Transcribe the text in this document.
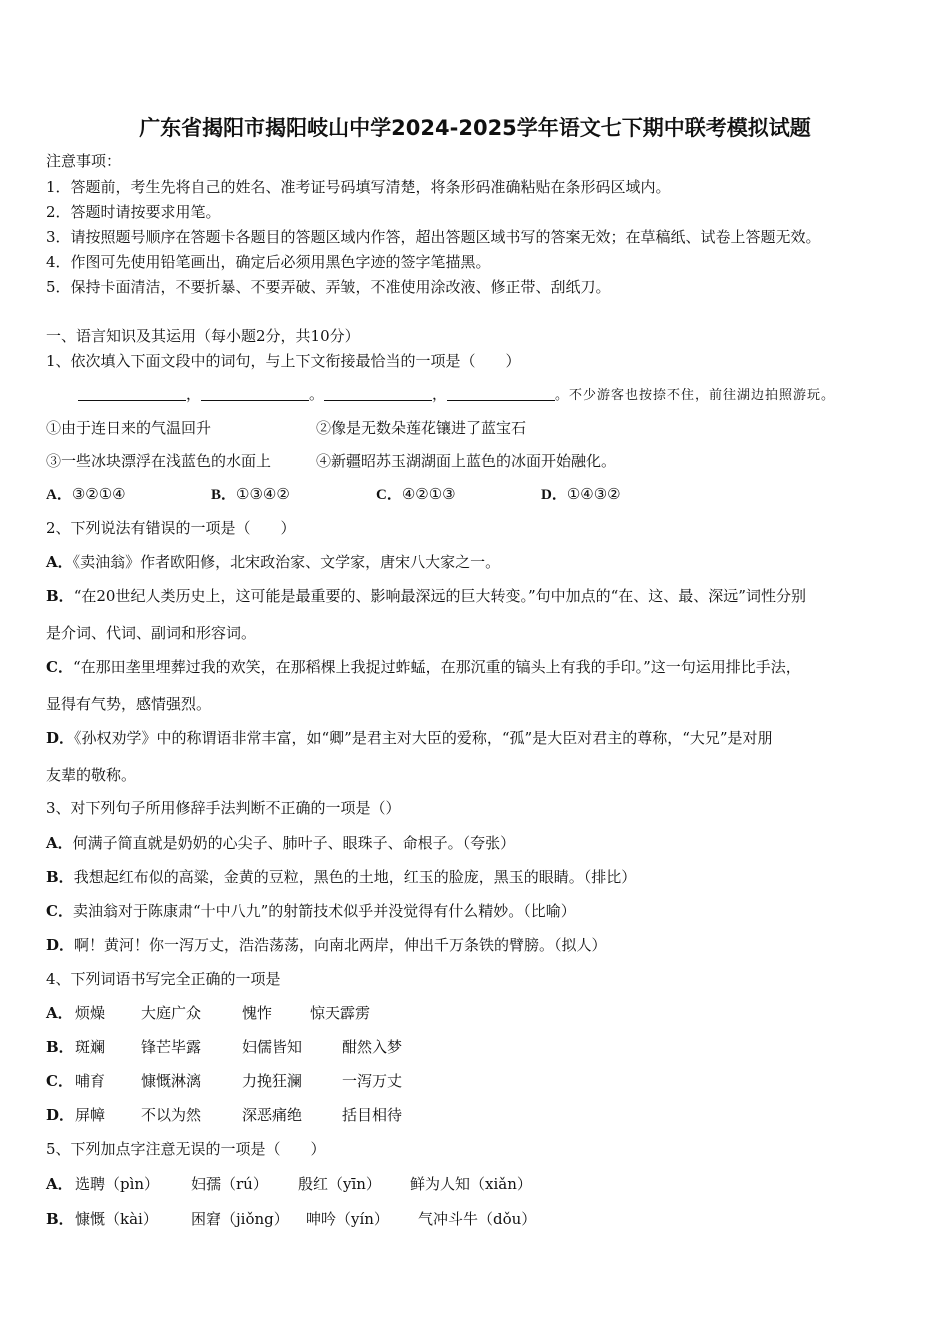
广东省揭阳市揭阳岐山中学2024-2025学年语文七下期中联考模拟试题
注意事项：
1．答题前，考生先将自己的姓名、准考证号码填写清楚，将条形码准确粘贴在条形码区域内。
2．答题时请按要求用笔。
3．请按照题号顺序在答题卡各题目的答题区域内作答，超出答题区域书写的答案无效；在草稿纸、试卷上答题无效。
4．作图可先使用铅笔画出，确定后必须用黑色字迹的签字笔描黑。
5．保持卡面清洁，不要折暴、不要弄破、弄皱，不准使用涂改液、修正带、刮纸刀。
一、语言知识及其运用（每小题2分，共10分）
1、依次填入下面文段中的词句，与上下文衔接最恰当的一项是（　　）
，	。	，	。不少游客也按捺不住，前往湖边拍照游玩。
①由于连日来的气温回升	②像是无数朵莲花镶进了蓝宝石
③一些冰块漂浮在浅蓝色的水面上	④新疆昭苏玉湖湖面上蓝色的冰面开始融化。
A．③②①④	B．①③④②	C．④②①③	D．①④③②
2、下列说法有错误的一项是（　　）
A．《卖油翁》作者欧阳修，北宋政治家、文学家，唐宋八大家之一。
B．“在20世纪人类历史上，这可能是最重要的、影响最深远的巨大转变。”句中加点的“在、这、最、深远”词性分别
是介词、代词、副词和形容词。
C．“在那田垄里埋葬过我的欢笑，在那稻棵上我捉过蚱蜢，在那沉重的镐头上有我的手印。”这一句运用排比手法，
显得有气势，感情强烈。
D．《孙权劝学》中的称谓语非常丰富，如“卿”是君主对大臣的爱称，“孤”是大臣对君主的尊称，“大兄”是对朋
友辈的敬称。
3、对下列句子所用修辞手法判断不正确的一项是（）
A．何满子简直就是奶奶的心尖子、肺叶子、眼珠子、命根子。（夸张）
B．我想起红布似的高粱，金黄的豆粒，黑色的土地，红玉的脸庞，黑玉的眼睛。（排比）
C．卖油翁对于陈康肃“十中八九”的射箭技术似乎并没觉得有什么精妙。（比喻）
D．啊！黄河！你一泻万丈，浩浩荡荡，向南北两岸，伸出千万条铁的臂膀。（拟人）
4、下列词语书写完全正确的一项是
A． 烦燥 大庭广众	愧怍	惊天霹雳
B． 斑斓 锋芒毕露	妇儒皆知	酣然入梦
C． 哺育 慷慨淋漓	力挽狂澜	一泻万丈
D． 屏幛 不以为然	深恶痛绝	括目相待
5、下列加点字注意无误的一项是（　　）
A． 选聘（pìn） 妇孺（rú） 殷红（yīn） 鲜为人知（xiǎn）
B． 慷慨（kài） 困窘（jiǒng） 呻吟（yín） 气冲斗牛（dǒu）
